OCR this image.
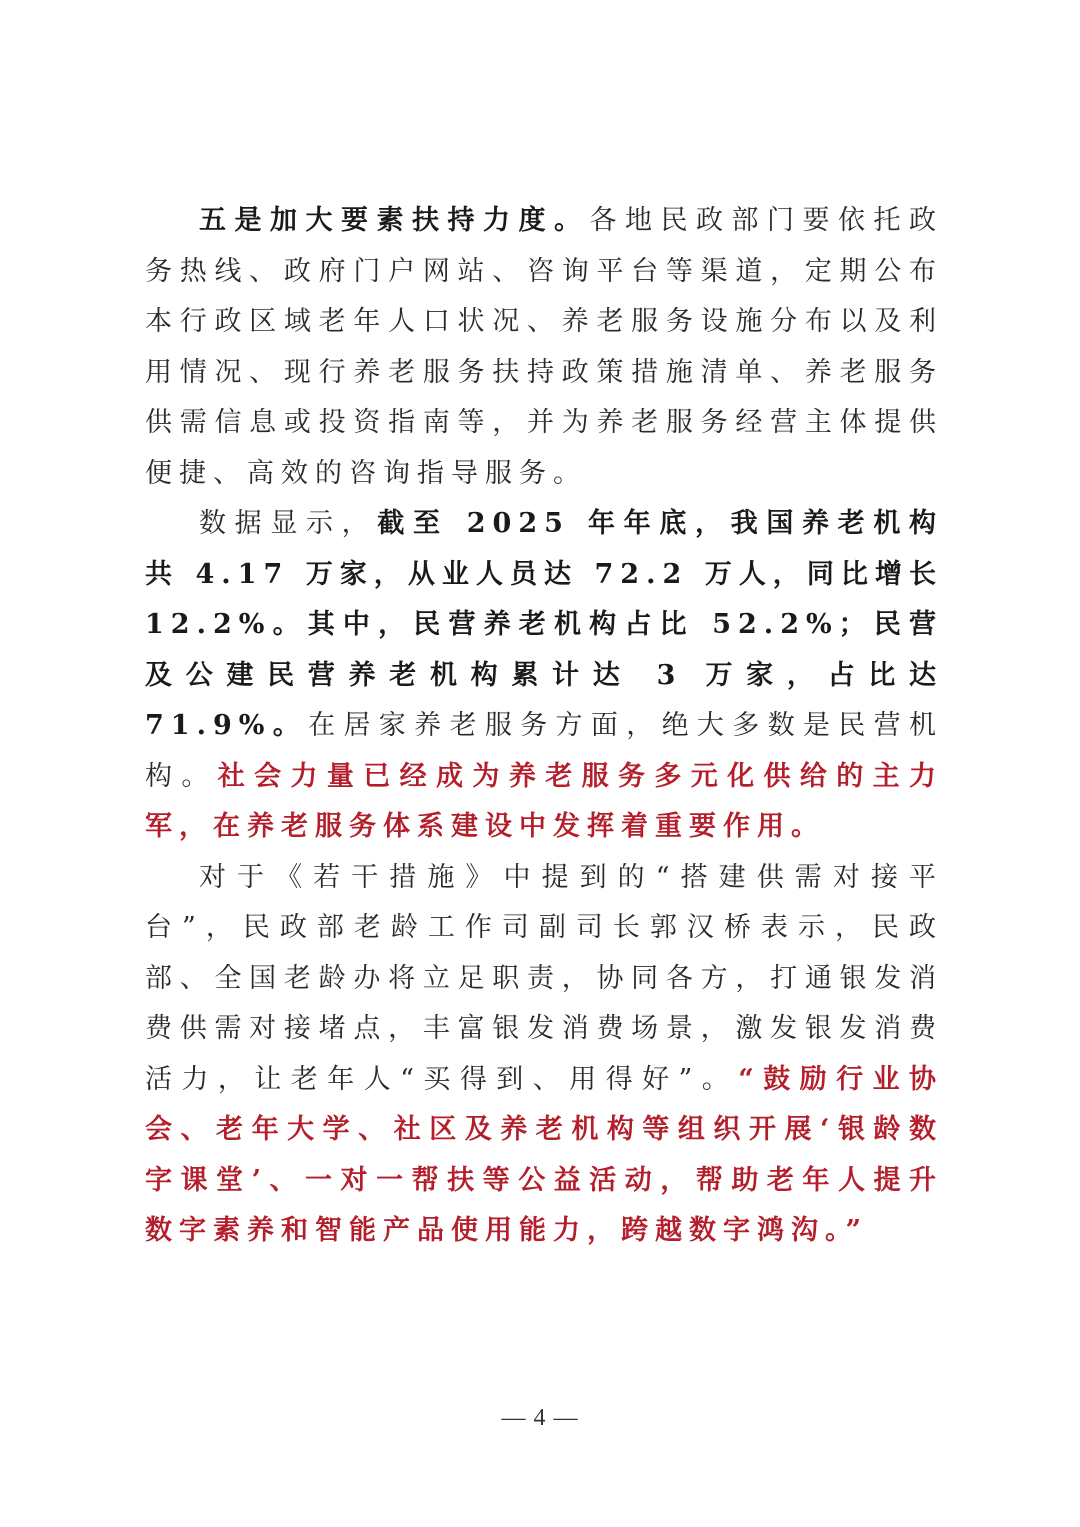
五是加大要素扶持力度。各地民政部门要依托政务热线、政府门户网站、咨询平台等渠道，定期公布本行政区域老年人口状况、养老服务设施分布以及利用情况、现行养老服务扶持政策措施清单、养老服务供需信息或投资指南等，并为养老服务经营主体提供便捷、高效的咨询指导服务。

数据显示，截至 2025 年年底，我国养老机构共 4.17 万家，从业人员达 72.2 万人，同比增长 12.2%。其中，民营养老机构占比 52.2%；民营及公建民营养老机构累计达 3 万家，占比达 71.9%。在居家养老服务方面，绝大多数是民营机构。社会力量已经成为养老服务多元化供给的主力军，在养老服务体系建设中发挥着重要作用。

对于《若干措施》中提到的“搭建供需对接平台”，民政部老龄工作司副司长郭汉桥表示，民政部、全国老龄办将立足职责，协同各方，打通银发消费供需对接堵点，丰富银发消费场景，激发银发消费活力，让老年人“买得到、用得好”。“鼓励行业协会、老年大学、社区及养老机构等组织开展‘银龄数字课堂’、一对一帮扶等公益活动，帮助老年人提升数字素养和智能产品使用能力，跨越数字鸿沟。”

— 4 —
